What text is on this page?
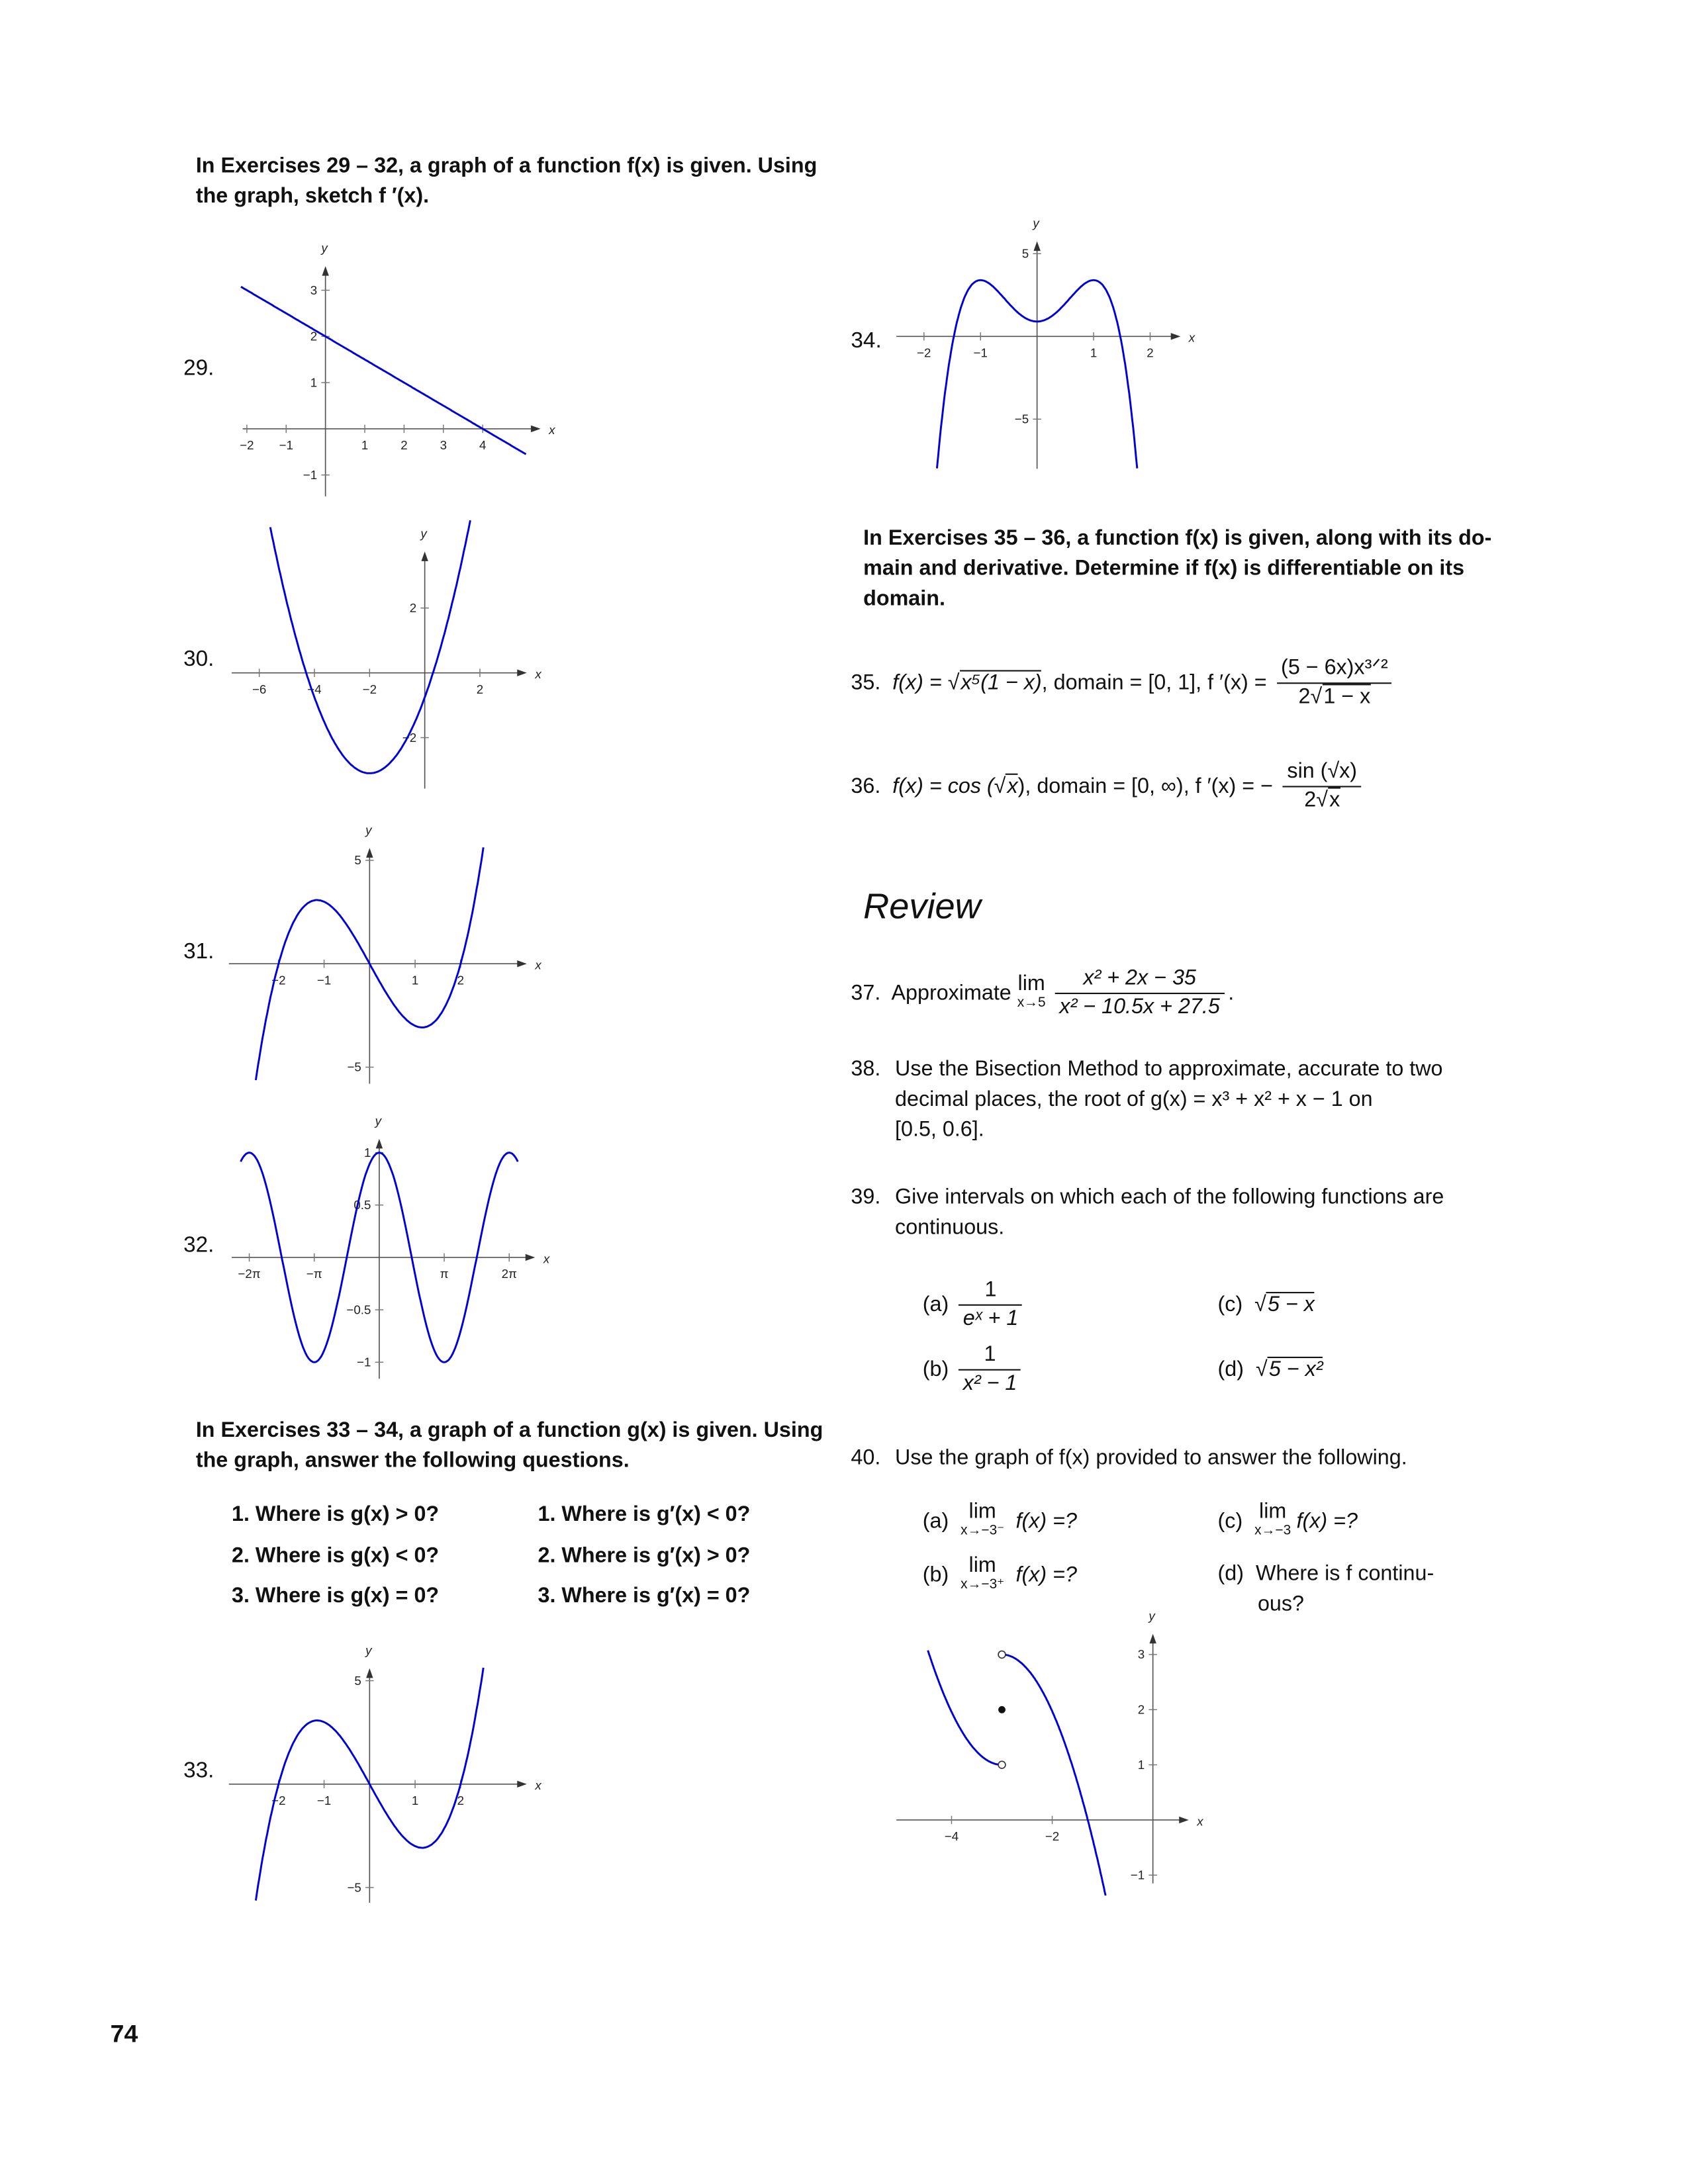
In Exercises 29 – 32, a graph of a function f(x) is given. Using
the graph, sketch f ′(x).
29.
30.
31.
32.
33.
34.
In Exercises 33 – 34, a graph of a function g(x) is given. Using
the graph, answer the following questions.
1. Where is g(x) > 0?
2. Where is g(x) < 0?
3. Where is g(x) = 0?
1. Where is g′(x) < 0?
2. Where is g′(x) > 0?
3. Where is g′(x) = 0?
In Exercises 35 – 36, a function f(x) is given, along with its do-
main and derivative. Determine if f(x) is differentiable on its
domain.
35. f(x) = √ x⁵(1 − x), domain = [0, 1], f $'(x) = \frac{\text{(5 − 6x)x³ᐟ²}}{2√ 1 - x}$
36. f(x) = cos (√ x), domain = [0, ∞), f ′(x) = − $\frac{\sin (√x)}{2√ x}$
Review
37. Approximate lim
$x\to 5 \frac{\text{x² + 2x − 35}}{\text{x² − 10.5x + 27.5}}$ .
38. Use the Bisection Method to approximate, accurate to two
decimal places, the root of g(x) = x³ + x² + x − 1 on
[0.5, 0.6].
39. Give intervals on which each of the following functions are
continuous.
$(a) \frac{1}{\text{eˣ + 1}}$
$(b) \frac{1}{\text{x² − 1}}$
(c) √ 5 − x
(d) √ 5 − x²
40. Use the graph of f(x) provided to answer the following.
(a) lim
x→−3⁻ f(x) =?
(b) lim
x→−3⁺ f(x) =?
(c) lim
x→−3 f(x) =?
(d) Where is f continu-
ous?
74
x
y
−2	−1	1	2	3	4
3
2
1
−1
x
y
−6	−4	−2	2
2
−2
x
y
−2	−1	1	2
5
−5
x
y
−2π	−π	π	2π
1
0.5
−0.5
−1
x
y
−2	−1	1	2
5
−5
x
y
−2	−1	1	2
5
−5
x
y
−4	−2
3
2
1
−1
